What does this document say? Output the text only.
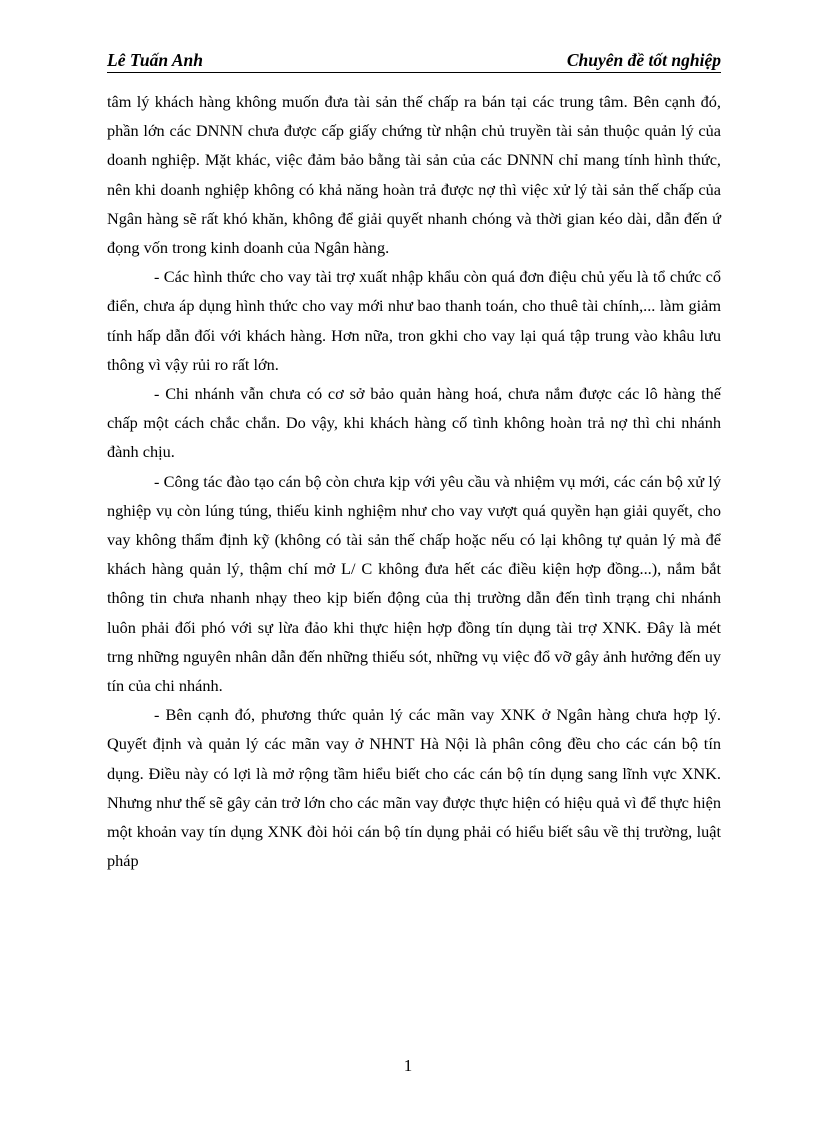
Lê Tuấn Anh	Chuyên đề tốt nghiệp

tâm lý khách hàng không muốn đưa tài sản thế chấp ra bán tại các trung tâm. Bên cạnh đó, phần lớn các DNNN chưa được cấp giấy chứng từ nhận chủ truyền tài sản thuộc quản lý của doanh nghiệp. Mặt khác, việc đảm bảo bằng tài sản của các DNNN chỉ mang tính hình thức, nên khi doanh nghiệp không có khả năng hoàn trả được nợ thì việc xử lý tài sản thế chấp của Ngân hàng sẽ rất khó khăn, không để giải quyết nhanh chóng và thời gian kéo dài, dẫn đến ứ đọng vốn trong kinh doanh của Ngân hàng.

- Các hình thức cho vay tài trợ xuất nhập khẩu còn quá đơn điệu chủ yếu là tổ chức cổ điển, chưa áp dụng hình thức cho vay mới như bao thanh toán, cho thuê tài chính,... làm giảm tính hấp dẫn đối với khách hàng. Hơn nữa, tron gkhi cho vay lại quá tập trung vào khâu lưu thông vì vậy rủi ro rất lớn.

- Chi nhánh vẫn chưa có cơ sở bảo quản hàng hoá, chưa nắm được các lô hàng thế chấp một cách chắc chắn. Do vậy, khi khách hàng cố tình không hoàn trả nợ thì chi nhánh đành chịu.

- Công tác đào tạo cán bộ còn chưa kịp với yêu cầu và nhiệm vụ mới, các cán bộ xử lý nghiệp vụ còn lúng túng, thiếu kinh nghiệm như cho vay vượt quá quyền hạn giải quyết, cho vay không thẩm định kỹ (không có tài sản thế chấp hoặc nếu có lại không tự quản lý mà để khách hàng quản lý, thậm chí mở L/ C không đưa hết các điều kiện hợp đồng...), nắm bắt thông tin chưa nhanh nhạy theo kịp biến động của thị trường dẫn đến tình trạng chi nhánh luôn phải đối phó với sự lừa đảo khi thực hiện hợp đồng tín dụng tài trợ XNK. Đây là mét trng những nguyên nhân dẫn đến những thiếu sót, những vụ việc đổ vỡ gây ảnh hưởng đến uy tín của chi nhánh.

- Bên cạnh đó, phương thức quản lý các mãn vay XNK ở Ngân hàng chưa hợp lý. Quyết định và quản lý các mãn vay ở NHNT Hà Nội là phân công đều cho các cán bộ tín dụng. Điều này có lợi là mở rộng tầm hiểu biết cho các cán bộ tín dụng sang lĩnh vực XNK. Nhưng như thế sẽ gây cản trở lớn cho các mãn vay được thực hiện có hiệu quả vì để thực hiện một khoản vay tín dụng XNK đòi hỏi cán bộ tín dụng phải có hiểu biết sâu về thị trường, luật pháp

1
